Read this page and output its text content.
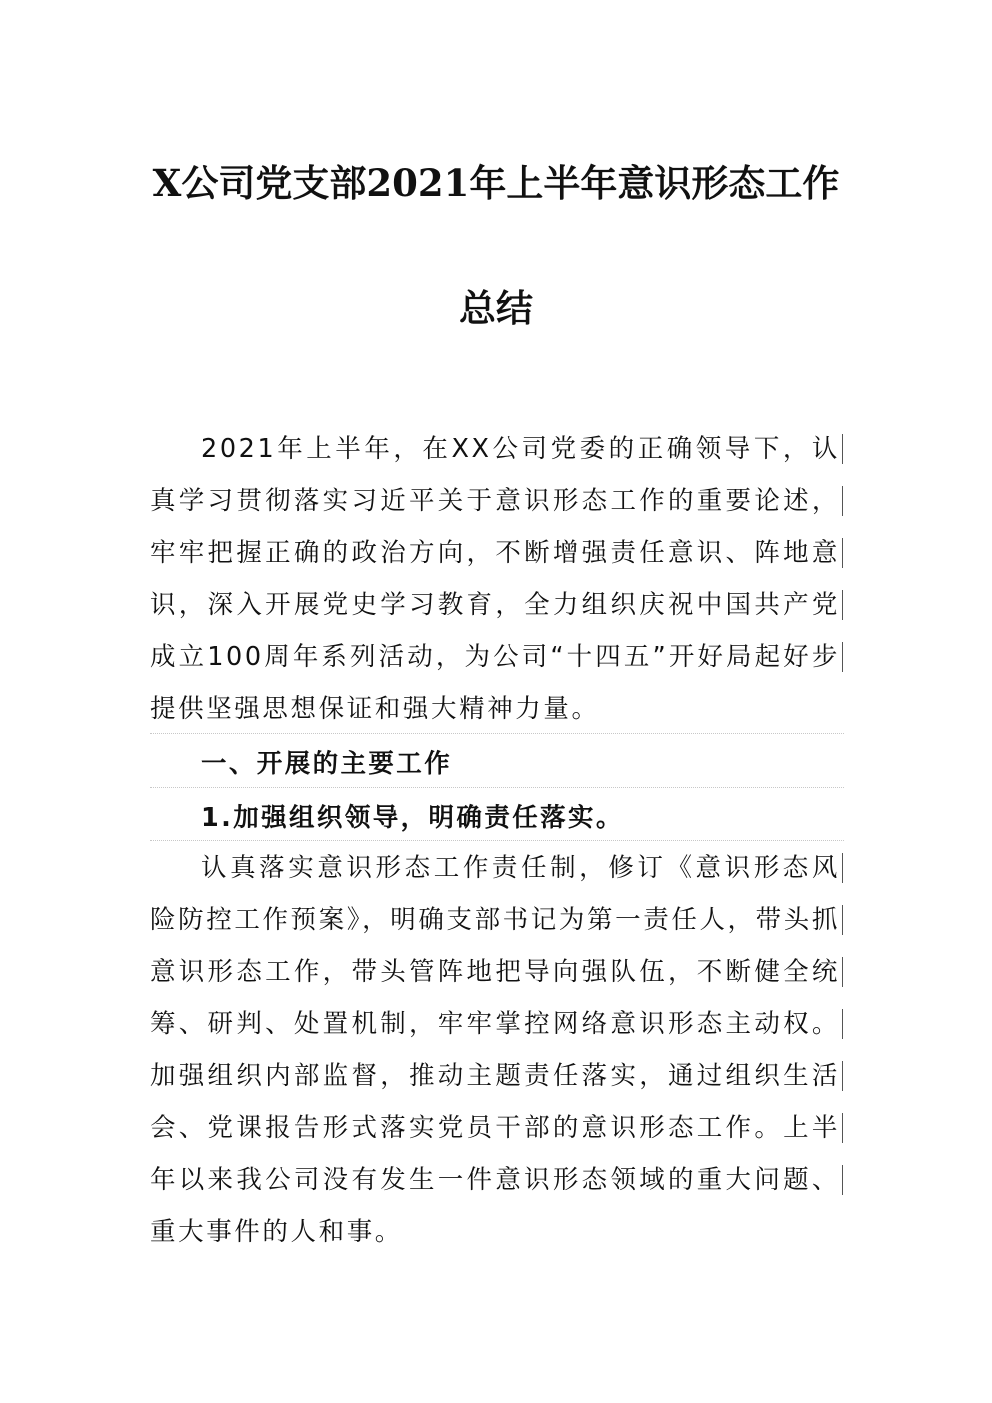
X公司党支部2021年上半年意识形态工作
总结

2021年上半年，在XX公司党委的正确领导下，认真学习贯彻落实习近平关于意识形态工作的重要论述，牢牢把握正确的政治方向，不断增强责任意识、阵地意识，深入开展党史学习教育，全力组织庆祝中国共产党成立100周年系列活动，为公司“十四五”开好局起好步提供坚强思想保证和强大精神力量。

一、开展的主要工作
1.加强组织领导，明确责任落实。

认真落实意识形态工作责任制，修订《意识形态风险防控工作预案》，明确支部书记为第一责任人，带头抓意识形态工作，带头管阵地把导向强队伍，不断健全统筹、研判、处置机制，牢牢掌控网络意识形态主动权。加强组织内部监督，推动主题责任落实，通过组织生活会、党课报告形式落实党员干部的意识形态工作。上半年以来我公司没有发生一件意识形态领域的重大问题、重大事件的人和事。
